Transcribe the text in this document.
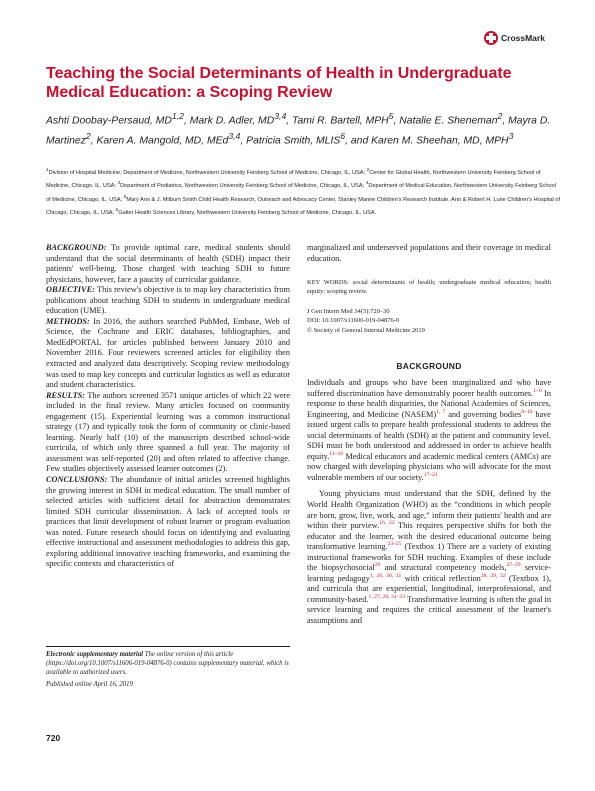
CrossMark
Teaching the Social Determinants of Health in Undergraduate Medical Education: a Scoping Review

Ashti Doobay-Persaud, MD$^{1,2}$, Mark D. Adler, MD$^{3,4}$, Tami R. Bartell, MPH$^5$, Natalie E. Sheneman$^2$, Mayra D. Martinez$^2$, Karen A. Mangold, MD, MEd$^{3,4}$, Patricia Smith, MLIS$^6$, and Karen M. Sheehan, MD, MPH$^3$

$^1$Division of Hospital Medicine, Department of Medicine, Northwestern University Feinberg School of Medicine, Chicago, IL, USA; $^2$Center for Global Health, Northwestern University Feinberg School of Medicine, Chicago, IL, USA; $^3$Department of Pediatrics, Northwestern University Feinberg School of Medicine, Chicago, IL, USA; $^4$Department of Medical Education, Northwestern University Feinberg School of Medicine, Chicago, IL, USA; $^5$Mary Ann & J. Milburn Smith Child Health Research, Outreach and Advocacy Center, Stanley Manne Children's Research Institute, Ann & Robert H. Lurie Children's Hospital of Chicago, Chicago, IL, USA; $^6$Galter Health Sciences Library, Northwestern University Feinberg School of Medicine, Chicago, IL, USA.

BACKGROUND: To provide optimal care, medical students should understand that the social determinants of health (SDH) impact their patients' well-being. Those charged with teaching SDH to future physicians, however, face a paucity of curricular guidance.

OBJECTIVE: This review's objective is to map key characteristics from publications about teaching SDH to students in undergraduate medical education (UME).

METHODS: In 2016, the authors searched PubMed, Embase, Web of Science, the Cochrane and ERIC databases, bibliographies, and MedEdPORTAL for articles published between January 2010 and November 2016. Four reviewers screened articles for eligibility then extracted and analyzed data descriptively. Scoping review methodology was used to map key concepts and curricular logistics as well as educator and student characteristics.

RESULTS: The authors screened 3571 unique articles of which 22 were included in the final review. Many articles focused on community engagement (15). Experiential learning was a common instructional strategy (17) and typically took the form of community or clinic-based learning. Nearly half (10) of the manuscripts described school-wide curricula, of which only three spanned a full year. The majority of assessment was self-reported (20) and often related to affective change. Few studies objectively assessed learner outcomes (2).

CONCLUSIONS: The abundance of initial articles screened highlights the growing interest in SDH in medical education. The small number of selected articles with sufficient detail for abstraction demonstrates limited SDH curricular dissemination. A lack of accepted tools or practices that limit development of robust learner or program evaluation was noted. Future research should focus on identifying and evaluating effective instructional and assessment methodologies to address this gap, exploring additional innovative teaching frameworks, and examining the specific contexts and characteristics of

marginalized and underserved populations and their coverage in medical education.

KEY WORDS: social determinants of health; undergraduate medical education; health equity; scoping review.

J Gen Intern Med 34(5):720–30
DOI: 10.1007/s11606-019-04876-0
© Society of General Internal Medicine 2019
BACKGROUND

Individuals and groups who have been marginalized and who have suffered discrimination have demonstrably poorer health outcomes.$^{1-6}$ In response to these health disparities, the National Academies of Sciences, Engineering, and Medicine (NASEM)$^{1, 7}$ and governing bodies$^{8-10}$ have issued urgent calls to prepare health professional students to address the social determinants of health (SDH) at the patient and community level. SDH must be both understood and addressed in order to achieve health equity.$^{11-16}$ Medical educators and academic medical centers (AMCs) are now charged with developing physicians who will advocate for the most vulnerable members of our society.$^{17-21}$

Young physicians must understand that the SDH, defined by the World Health Organization (WHO) as the “conditions in which people are born, grow, live, work, and age,” inform their patients' health and are within their purview.$^{16, 22}$ This requires perspective shifts for both the educator and the learner, with the desired educational outcome being transformative learning.$^{23-25}$ (Textbox 1) There are a variety of existing instructional frameworks for SDH teaching. Examples of these include the biopsychosocial$^{26}$ and structural competency models,$^{27-29}$ service-learning pedagogy$^{1, 20, 30, 31}$ with critical reflection$^{28, 29, 32}$ (Textbox 1), and curricula that are experiential, longitudinal, interprofessional, and community-based.$^{1, 27, 29, 31-33}$ Transformative learning is often the goal in service learning and requires the critical assessment of the learner's assumptions and

Electronic supplementary material The online version of this article (https://doi.org/10.1007/s11606-019-04876-0) contains supplementary material, which is available to authorized users.

Published online April 16, 2019
720
